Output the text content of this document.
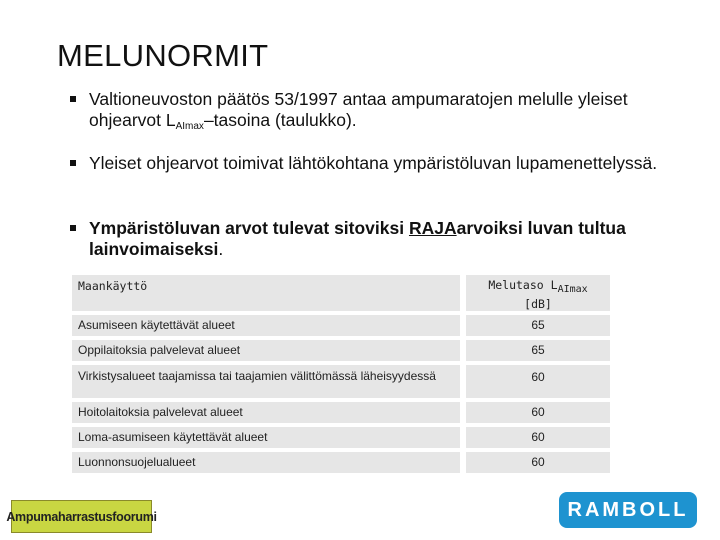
MELUNORMIT
Valtioneuvoston päätös 53/1997 antaa ampumaratojen melulle yleiset ohjearvot $L_{AImax}$–tasoina (taulukko).
Yleiset ohjearvot toimivat lähtökohtana ympäristöluvan lupamenettelyssä.
Ympäristöluvan arvot tulevat sitoviksi RAJAarvoiksi luvan tultua lainvoimaiseksi.
Maankäyttö	Melutaso $L_{AImax}$
[dB]
Asumiseen käytettävät alueet	65
Oppilaitoksia palvelevat alueet	65
Virkistysalueet taajamissa tai taajamien välittömässä läheisyydessä	60
Hoitolaitoksia palvelevat alueet	60
Loma-asumiseen käytettävät alueet	60
Luonnonsuojelualueet	60
Ampumaharrastusfoorumi	RAMBOLL
